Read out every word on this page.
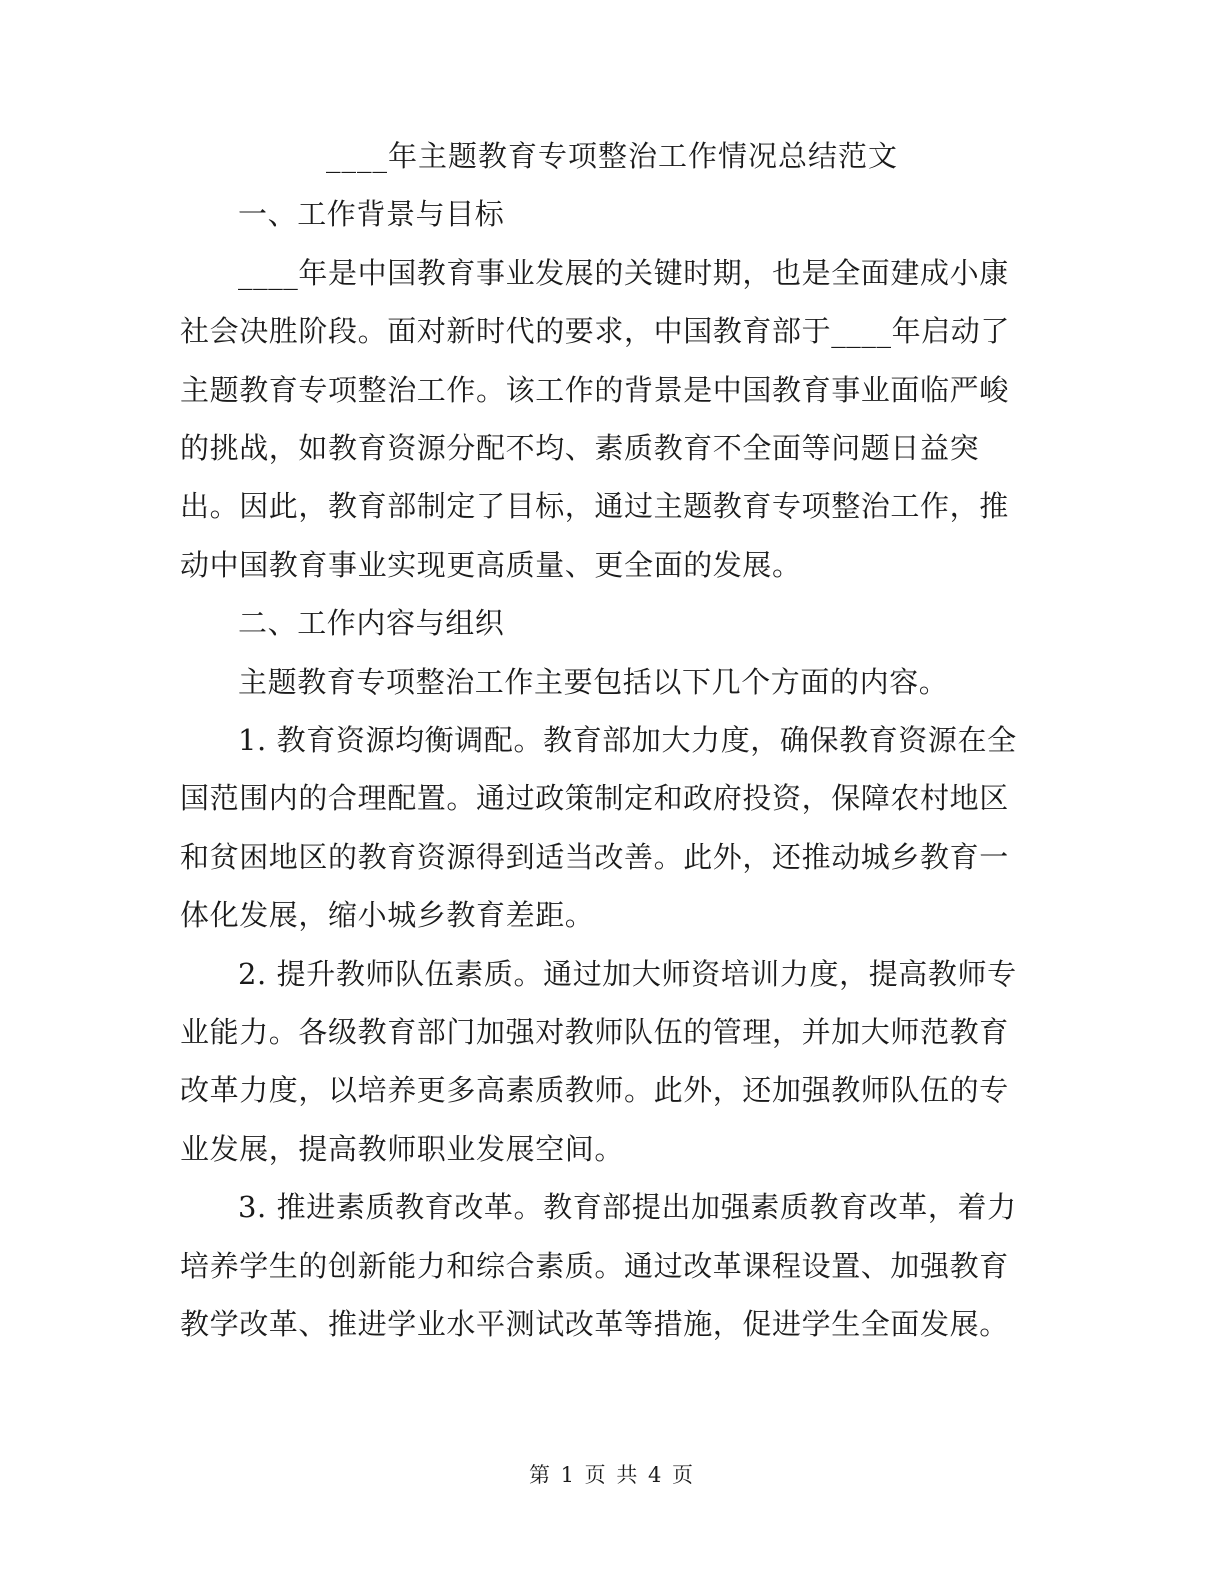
____年主题教育专项整治工作情况总结范文
一、工作背景与目标
____年是中国教育事业发展的关键时期，也是全面建成小康
社会决胜阶段。面对新时代的要求，中国教育部于____年启动了
主题教育专项整治工作。该工作的背景是中国教育事业面临严峻
的挑战，如教育资源分配不均、素质教育不全面等问题日益突
出。因此，教育部制定了目标，通过主题教育专项整治工作，推
动中国教育事业实现更高质量、更全面的发展。
二、工作内容与组织
主题教育专项整治工作主要包括以下几个方面的内容。
1. 教育资源均衡调配。教育部加大力度，确保教育资源在全
国范围内的合理配置。通过政策制定和政府投资，保障农村地区
和贫困地区的教育资源得到适当改善。此外，还推动城乡教育一
体化发展，缩小城乡教育差距。
2. 提升教师队伍素质。通过加大师资培训力度，提高教师专
业能力。各级教育部门加强对教师队伍的管理，并加大师范教育
改革力度，以培养更多高素质教师。此外，还加强教师队伍的专
业发展，提高教师职业发展空间。
3. 推进素质教育改革。教育部提出加强素质教育改革，着力
培养学生的创新能力和综合素质。通过改革课程设置、加强教育
教学改革、推进学业水平测试改革等措施，促进学生全面发展。
第 1 页 共 4 页
